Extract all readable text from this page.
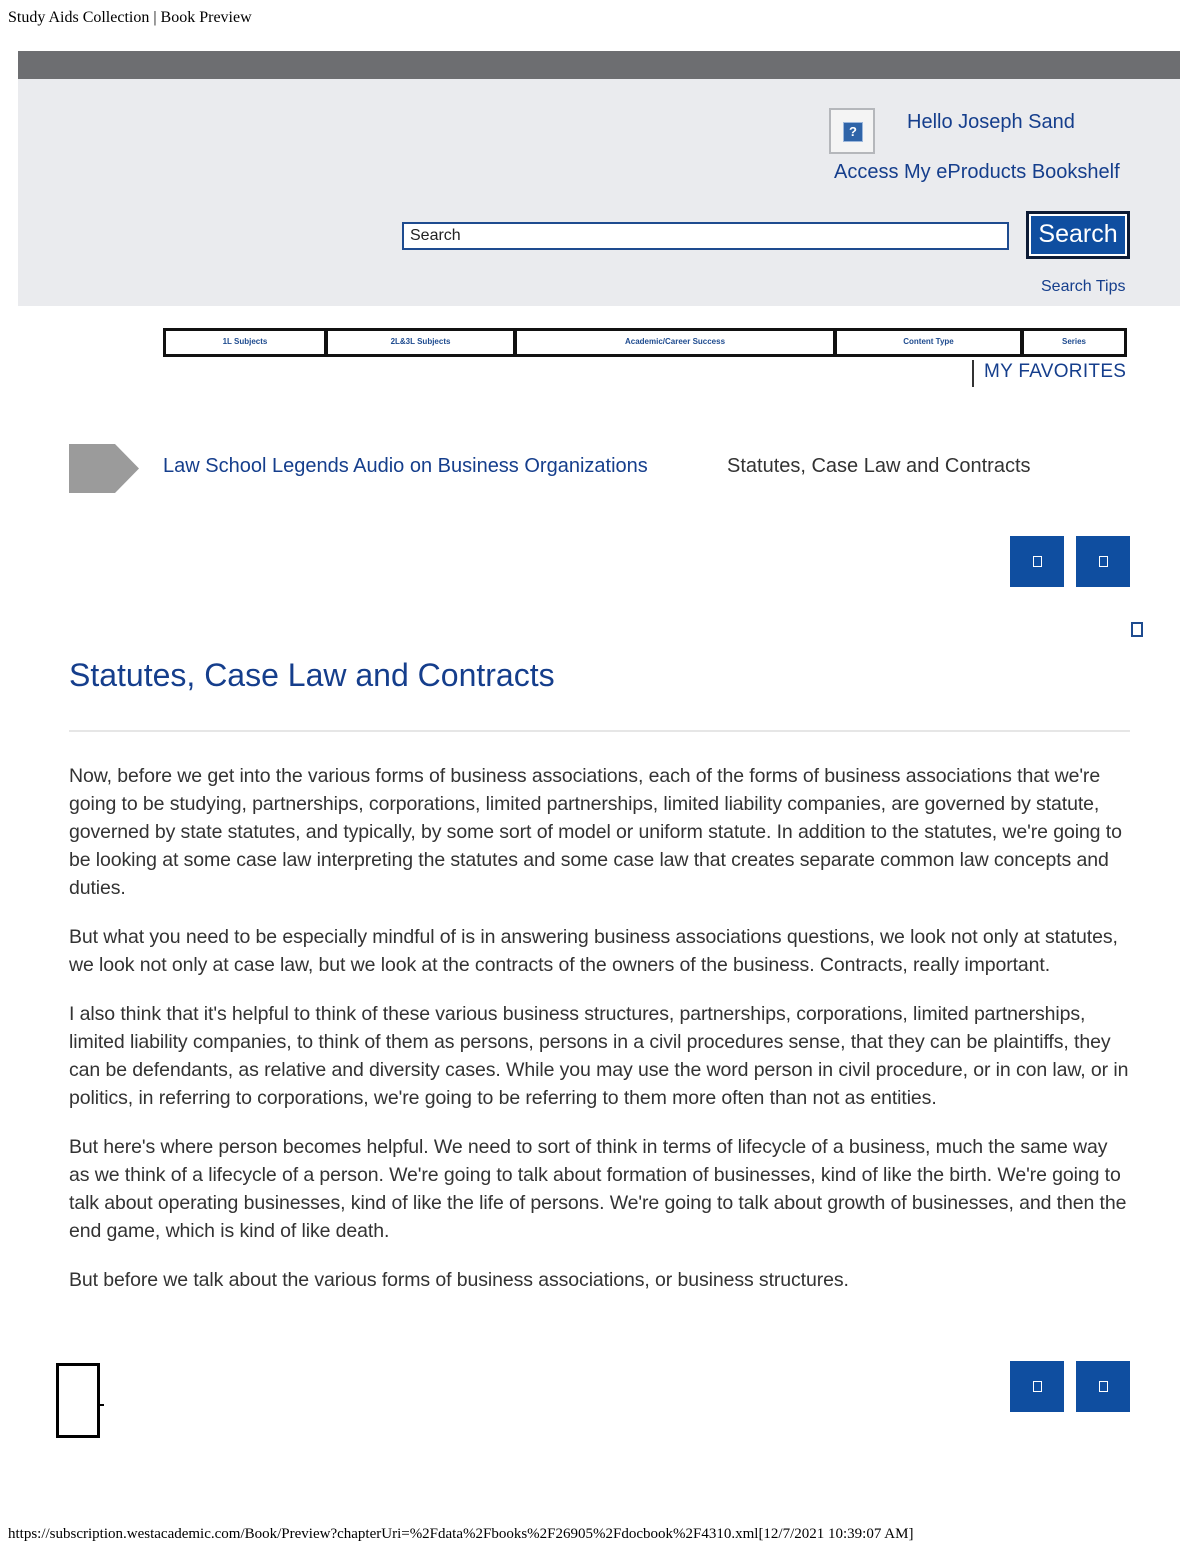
Study Aids Collection | Book Preview
?	Hello Joseph Sand
Access My eProducts Bookshelf
Search
Search
Search Tips
1L Subjects	2L&3L Subjects	Academic/Career Success	Content Type	Series
MY FAVORITES
Law School Legends Audio on Business Organizations	Statutes, Case Law and Contracts
Statutes, Case Law and Contracts

Now, before we get into the various forms of business associations, each of the forms of business associations that we're going to be studying, partnerships, corporations, limited partnerships, limited liability companies, are governed by statute, governed by state statutes, and typically, by some sort of model or uniform statute. In addition to the statutes, we're going to be looking at some case law interpreting the statutes and some case law that creates separate common law concepts and duties.

But what you need to be especially mindful of is in answering business associations questions, we look not only at statutes, we look not only at case law, but we look at the contracts of the owners of the business. Contracts, really important.

I also think that it's helpful to think of these various business structures, partnerships, corporations, limited partnerships, limited liability companies, to think of them as persons, persons in a civil procedures sense, that they can be plaintiffs, they can be defendants, as relative and diversity cases. While you may use the word person in civil procedure, or in con law, or in politics, in referring to corporations, we're going to be referring to them more often than not as entities.

But here's where person becomes helpful. We need to sort of think in terms of lifecycle of a business, much the same way as we think of a lifecycle of a person. We're going to talk about formation of businesses, kind of like the birth. We're going to talk about operating businesses, kind of like the life of persons. We're going to talk about growth of businesses, and then the end game, which is kind of like death.

But before we talk about the various forms of business associations, or business structures.

https://subscription.westacademic.com/Book/Preview?chapterUri=%2Fdata%2Fbooks%2F26905%2Fdocbook%2F4310.xml[12/7/2021 10:39:07 AM]
